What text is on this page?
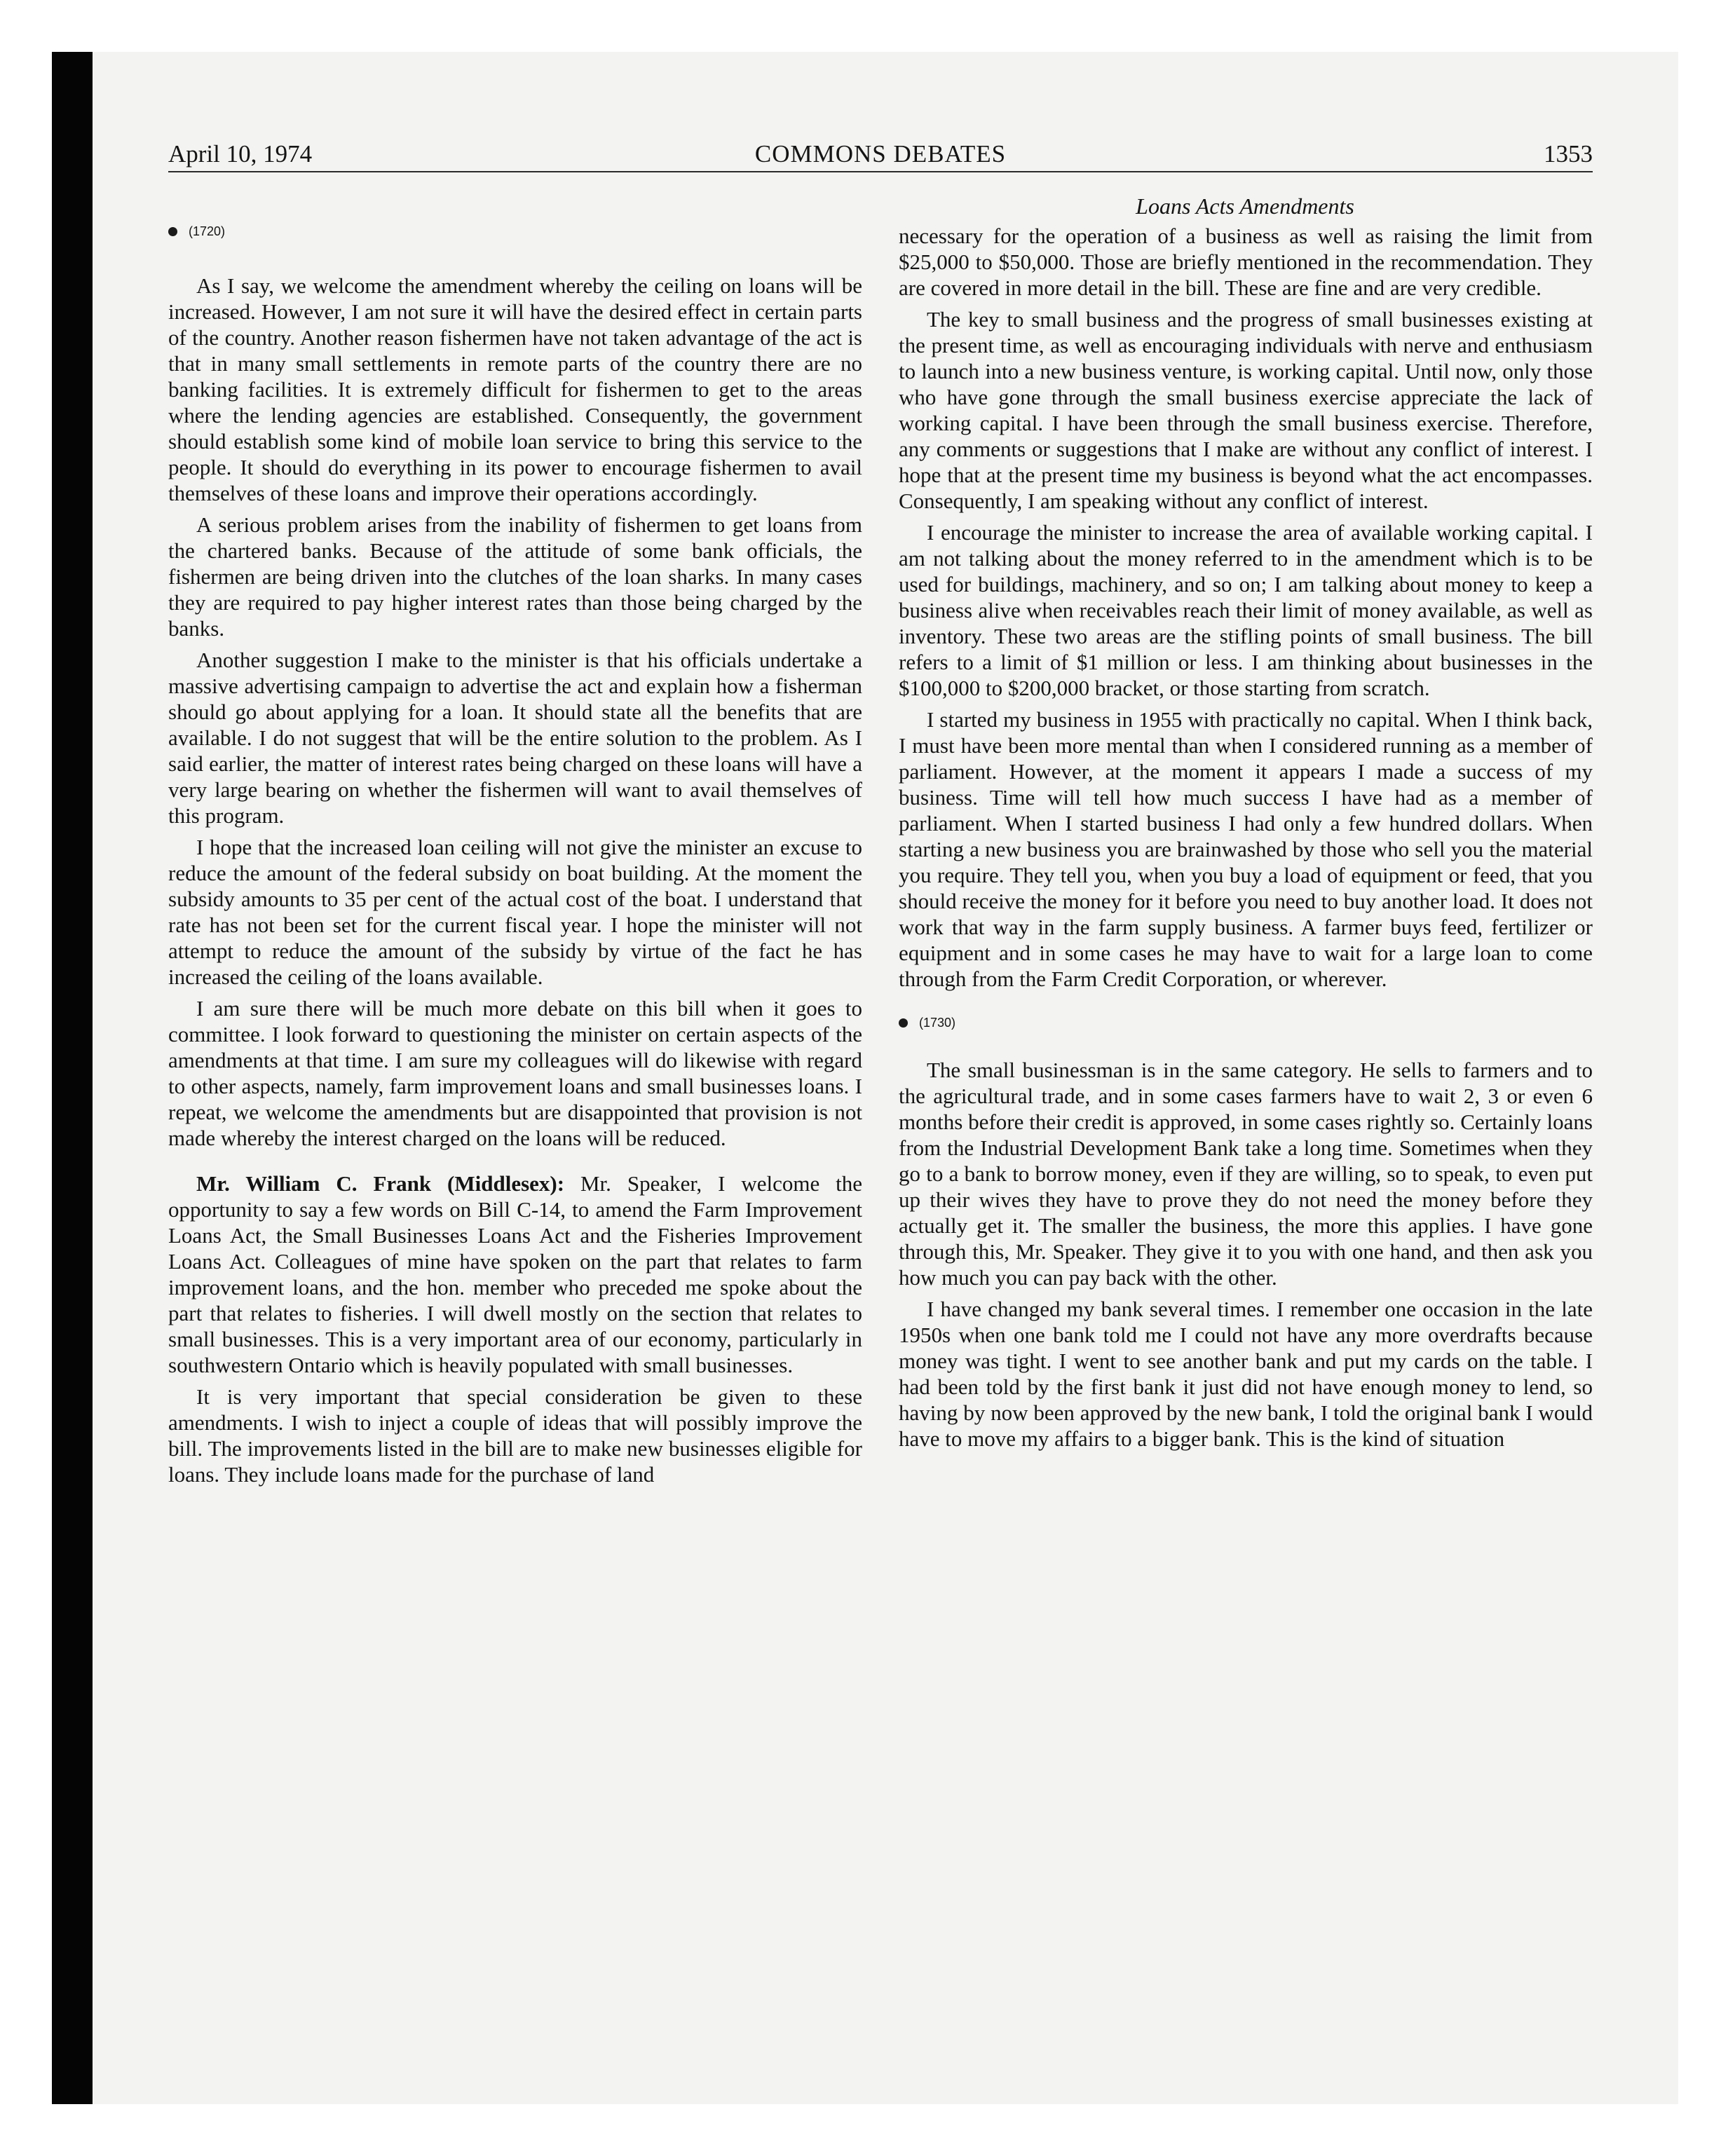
April 10, 1974	COMMONS DEBATES	1353
Loans Acts Amendments
(1720)

As I say, we welcome the amendment whereby the ceiling on loans will be increased. However, I am not sure it will have the desired effect in certain parts of the country. Another reason fishermen have not taken advantage of the act is that in many small settlements in remote parts of the country there are no banking facilities. It is extremely difficult for fishermen to get to the areas where the lending agencies are established. Consequently, the government should establish some kind of mobile loan service to bring this service to the people. It should do everything in its power to encourage fishermen to avail themselves of these loans and improve their operations accordingly.

A serious problem arises from the inability of fishermen to get loans from the chartered banks. Because of the attitude of some bank officials, the fishermen are being driven into the clutches of the loan sharks. In many cases they are required to pay higher interest rates than those being charged by the banks.

Another suggestion I make to the minister is that his officials undertake a massive advertising campaign to advertise the act and explain how a fisherman should go about applying for a loan. It should state all the benefits that are available. I do not suggest that will be the entire solution to the problem. As I said earlier, the matter of interest rates being charged on these loans will have a very large bearing on whether the fishermen will want to avail themselves of this program.

I hope that the increased loan ceiling will not give the minister an excuse to reduce the amount of the federal subsidy on boat building. At the moment the subsidy amounts to 35 per cent of the actual cost of the boat. I understand that rate has not been set for the current fiscal year. I hope the minister will not attempt to reduce the amount of the subsidy by virtue of the fact he has increased the ceiling of the loans available.

I am sure there will be much more debate on this bill when it goes to committee. I look forward to questioning the minister on certain aspects of the amendments at that time. I am sure my colleagues will do likewise with regard to other aspects, namely, farm improvement loans and small businesses loans. I repeat, we welcome the amendments but are disappointed that provision is not made whereby the interest charged on the loans will be reduced.

Mr. William C. Frank (Middlesex): Mr. Speaker, I welcome the opportunity to say a few words on Bill C-14, to amend the Farm Improvement Loans Act, the Small Businesses Loans Act and the Fisheries Improvement Loans Act. Colleagues of mine have spoken on the part that relates to farm improvement loans, and the hon. member who preceded me spoke about the part that relates to fisheries. I will dwell mostly on the section that relates to small businesses. This is a very important area of our economy, particularly in southwestern Ontario which is heavily populated with small businesses.

It is very important that special consideration be given to these amendments. I wish to inject a couple of ideas that will possibly improve the bill. The improvements listed in the bill are to make new businesses eligible for loans. They include loans made for the purchase of land

necessary for the operation of a business as well as raising the limit from $25,000 to $50,000. Those are briefly mentioned in the recommendation. They are covered in more detail in the bill. These are fine and are very credible.

The key to small business and the progress of small businesses existing at the present time, as well as encouraging individuals with nerve and enthusiasm to launch into a new business venture, is working capital. Until now, only those who have gone through the small business exercise appreciate the lack of working capital. I have been through the small business exercise. Therefore, any comments or suggestions that I make are without any conflict of interest. I hope that at the present time my business is beyond what the act encompasses. Consequently, I am speaking without any conflict of interest.

I encourage the minister to increase the area of available working capital. I am not talking about the money referred to in the amendment which is to be used for buildings, machinery, and so on; I am talking about money to keep a business alive when receivables reach their limit of money available, as well as inventory. These two areas are the stifling points of small business. The bill refers to a limit of $1 million or less. I am thinking about businesses in the $100,000 to $200,000 bracket, or those starting from scratch.

I started my business in 1955 with practically no capital. When I think back, I must have been more mental than when I considered running as a member of parliament. However, at the moment it appears I made a success of my business. Time will tell how much success I have had as a member of parliament. When I started business I had only a few hundred dollars. When starting a new business you are brainwashed by those who sell you the material you require. They tell you, when you buy a load of equipment or feed, that you should receive the money for it before you need to buy another load. It does not work that way in the farm supply business. A farmer buys feed, fertilizer or equipment and in some cases he may have to wait for a large loan to come through from the Farm Credit Corporation, or wherever.

(1730)

The small businessman is in the same category. He sells to farmers and to the agricultural trade, and in some cases farmers have to wait 2, 3 or even 6 months before their credit is approved, in some cases rightly so. Certainly loans from the Industrial Development Bank take a long time. Sometimes when they go to a bank to borrow money, even if they are willing, so to speak, to even put up their wives they have to prove they do not need the money before they actually get it. The smaller the business, the more this applies. I have gone through this, Mr. Speaker. They give it to you with one hand, and then ask you how much you can pay back with the other.

I have changed my bank several times. I remember one occasion in the late 1950s when one bank told me I could not have any more overdrafts because money was tight. I went to see another bank and put my cards on the table. I had been told by the first bank it just did not have enough money to lend, so having by now been approved by the new bank, I told the original bank I would have to move my affairs to a bigger bank. This is the kind of situation
